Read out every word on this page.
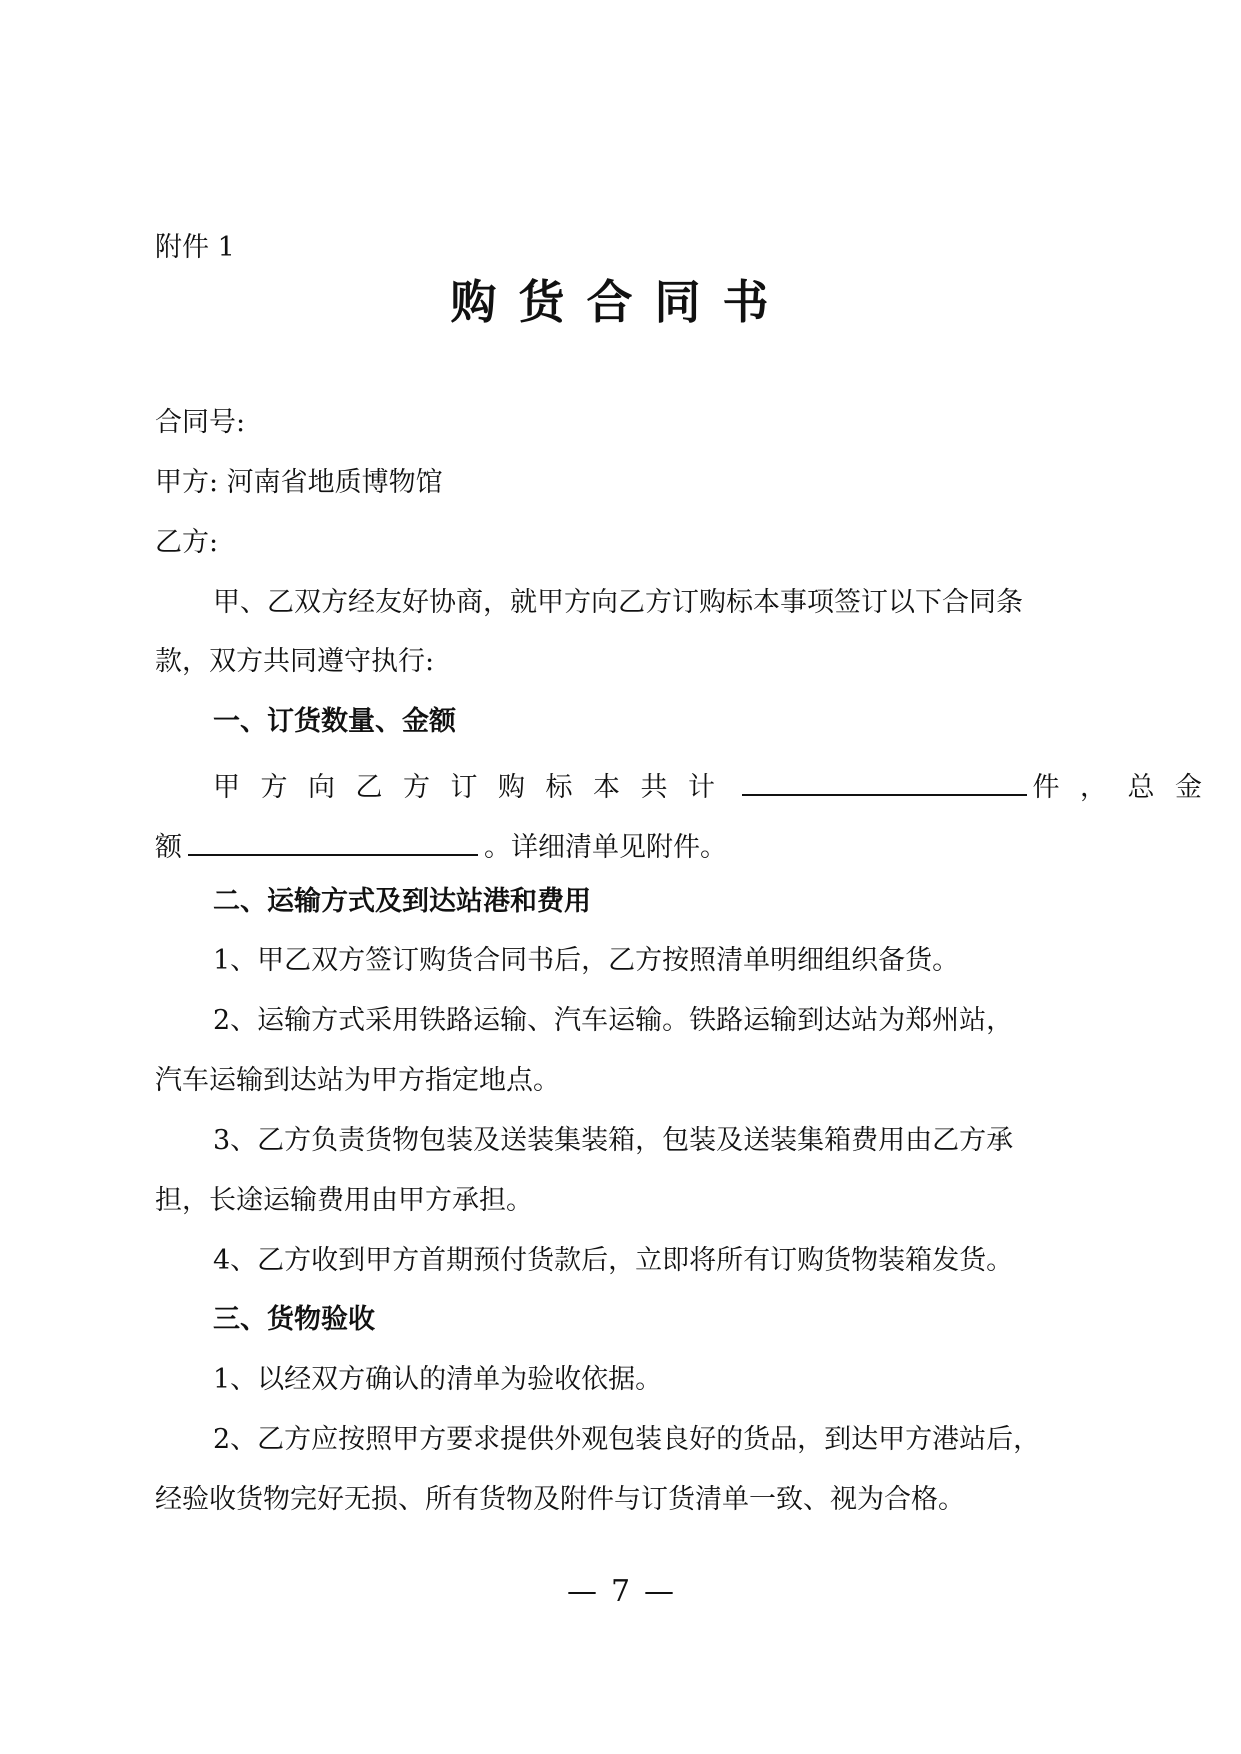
附件 1
购货合同书
合同号:
甲方: 河南省地质博物馆
乙方:
甲、乙双方经友好协商，就甲方向乙方订购标本事项签订以下合同条
款，双方共同遵守执行:
一、订货数量、金额
甲方向乙方订购标本共计	件，总金
额	。详细清单见附件。
二、运输方式及到达站港和费用
1、甲乙双方签订购货合同书后，乙方按照清单明细组织备货。
2、运输方式采用铁路运输、汽车运输。铁路运输到达站为郑州站，
汽车运输到达站为甲方指定地点。
3、乙方负责货物包装及送装集装箱，包装及送装集箱费用由乙方承
担，长途运输费用由甲方承担。
4、乙方收到甲方首期预付货款后，立即将所有订购货物装箱发货。
三、货物验收
1、以经双方确认的清单为验收依据。
2、乙方应按照甲方要求提供外观包装良好的货品，到达甲方港站后，
经验收货物完好无损、所有货物及附件与订货清单一致、视为合格。
— 7 —
